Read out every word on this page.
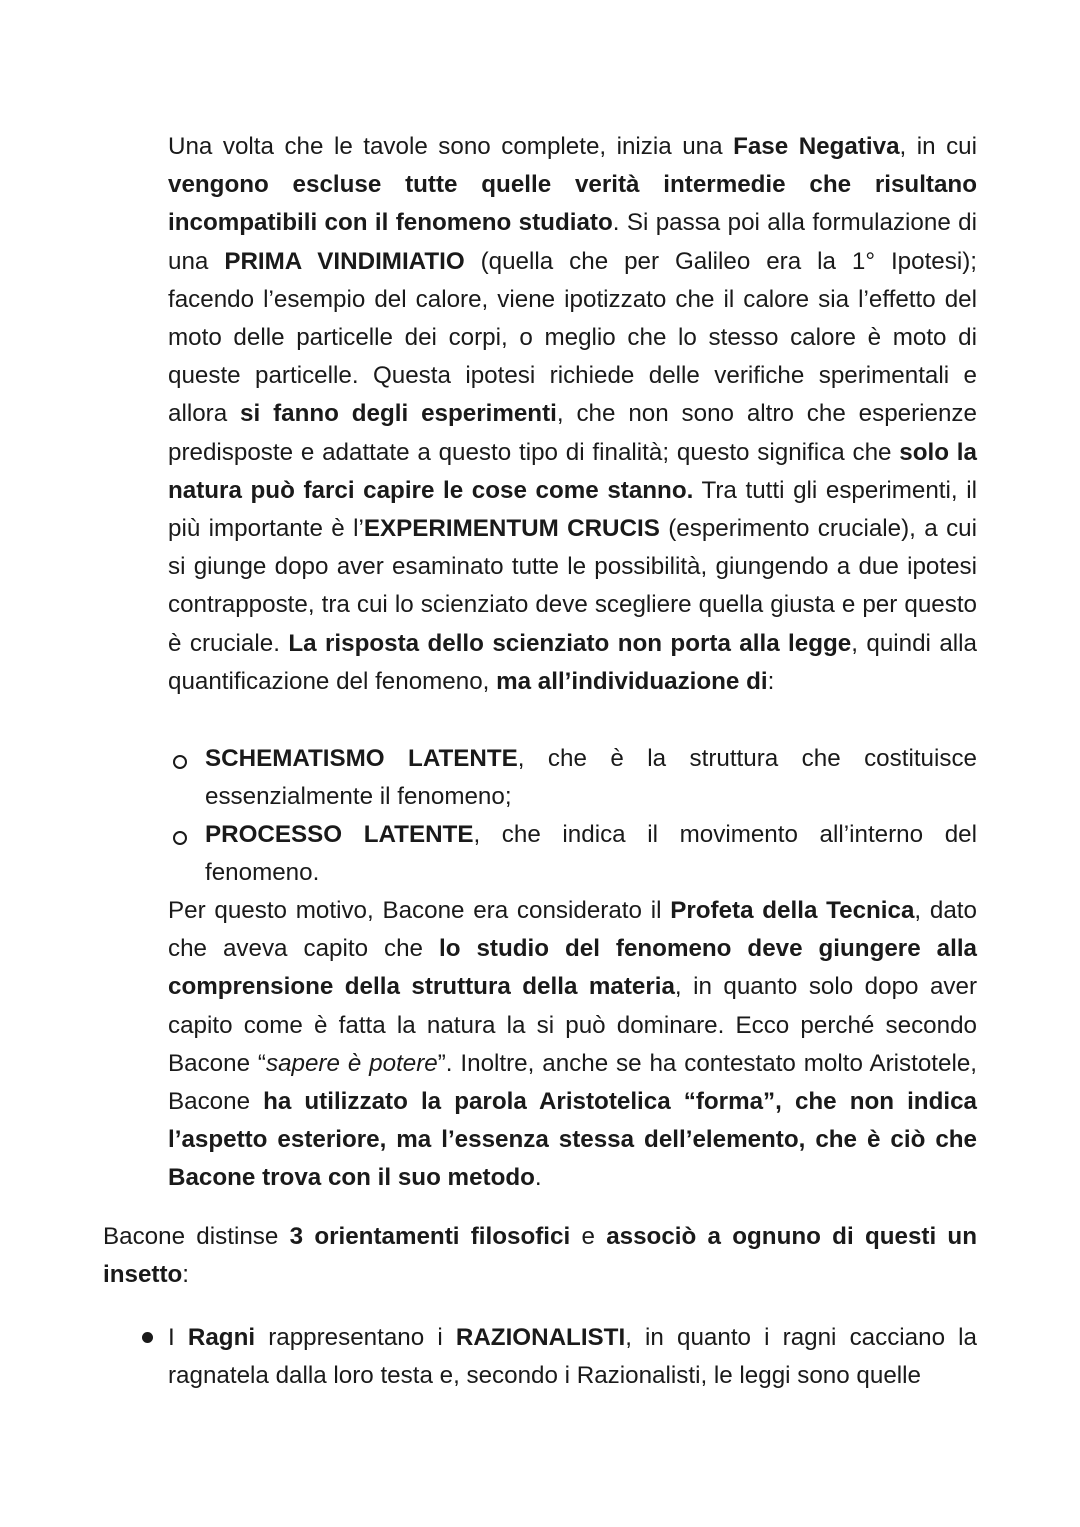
Una volta che le tavole sono complete, inizia una Fase Negativa, in cui vengono escluse tutte quelle verità intermedie che risultano incompatibili con il fenomeno studiato. Si passa poi alla formulazione di una PRIMA VINDIMIATIO (quella che per Galileo era la 1° Ipotesi); facendo l’esempio del calore, viene ipotizzato che il calore sia l’effetto del moto delle particelle dei corpi, o meglio che lo stesso calore è moto di queste particelle. Questa ipotesi richiede delle verifiche sperimentali e allora si fanno degli esperimenti, che non sono altro che esperienze predisposte e adattate a questo tipo di finalità; questo significa che solo la natura può farci capire le cose come stanno. Tra tutti gli esperimenti, il più importante è l’EXPERIMENTUM CRUCIS (esperimento cruciale), a cui si giunge dopo aver esaminato tutte le possibilità, giungendo a due ipotesi contrapposte, tra cui lo scienziato deve scegliere quella giusta e per questo è cruciale. La risposta dello scienziato non porta alla legge, quindi alla quantificazione del fenomeno, ma all’individuazione di:

SCHEMATISMO LATENTE, che è la struttura che costituisce essenzialmente il fenomeno;

PROCESSO LATENTE, che indica il movimento all’interno del fenomeno.

Per questo motivo, Bacone era considerato il Profeta della Tecnica, dato che aveva capito che lo studio del fenomeno deve giungere alla comprensione della struttura della materia, in quanto solo dopo aver capito come è fatta la natura la si può dominare. Ecco perché secondo Bacone “sapere è potere”. Inoltre, anche se ha contestato molto Aristotele, Bacone ha utilizzato la parola Aristotelica “forma”, che non indica l’aspetto esteriore, ma l’essenza stessa dell’elemento, che è ciò che Bacone trova con il suo metodo.

Bacone distinse 3 orientamenti filosofici e associò a ognuno di questi un insetto:

I Ragni rappresentano i RAZIONALISTI, in quanto i ragni cacciano la ragnatela dalla loro testa e, secondo i Razionalisti, le leggi sono quelle
